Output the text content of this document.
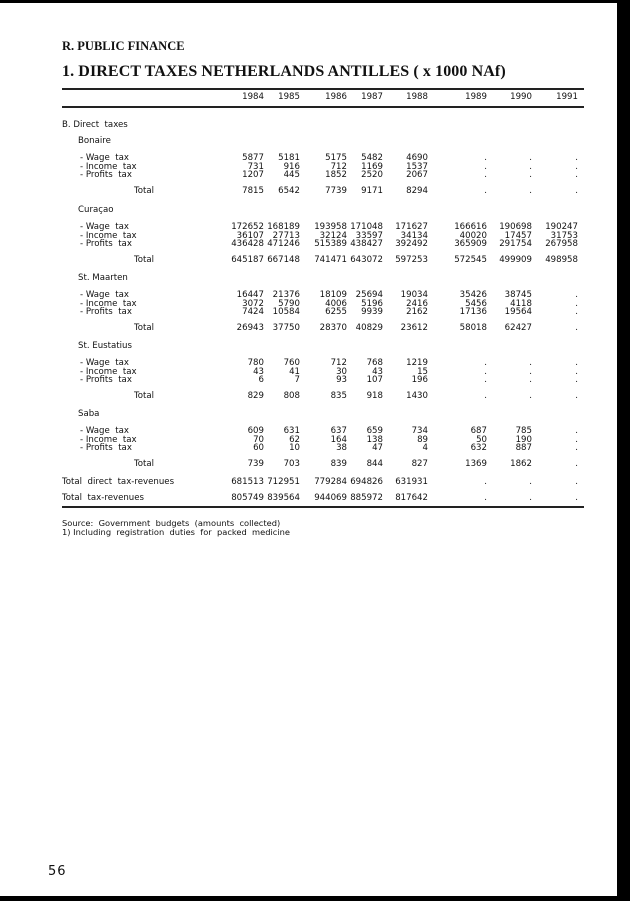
R. PUBLIC FINANCE
1. DIRECT TAXES NETHERLANDS ANTILLES ( x 1000 NAf)
1984	1985	1986	1987	1988	1989	1990	1991
B. Direct  taxes
Bonaire
- Wage  tax	5877	5181	5175	5482	4690	.	.	.
- Income  tax	731	916	712	1169	1537	.	.	.
- Profits  tax	1207	445	1852	2520	2067	.	.	.
Total	7815	6542	7739	9171	8294	.	.	.
Curaçao
- Wage  tax	172652 168189	193958 171048	171627	166616	190698	190247
- Income  tax	36107	27713	32124	33597	34134	40020	17457	31753
- Profits  tax	436428 471246	515389 438427	392492	365909	291754	267958
Total	645187 667148	741471 643072	597253	572545	499909	498958
St. Maarten
- Wage  tax	16447	21376	18109	25694	19034	35426	38745	.
- Income  tax	3072	5790	4006	5196	2416	5456	4118	.
- Profits  tax	7424	10584	6255	9939	2162	17136	19564	.
Total	26943	37750	28370	40829	23612	58018	62427	.
St. Eustatius
- Wage  tax	780	760	712	768	1219	.	.	.
- Income  tax	43	41	30	43	15	.	.	.
- Profits  tax	6	7	93	107	196	.	.	.
Total	829	808	835	918	1430	.	.	.
Saba
- Wage  tax	609	631	637	659	734	687	785	.
- Income  tax	70	62	164	138	89	50	190	.
- Profits  tax	60	10	38	47	4	632	887	.
Total	739	703	839	844	827	1369	1862	.
Total  direct  tax-revenues	681513 712951	779284 694826	631931	.	.	.
Total  tax-revenues	805749 839564	944069 885972	817642	.	.	.
Source:  Government  budgets  (amounts  collected)
1) Including  registration  duties  for  packed  medicine
56
